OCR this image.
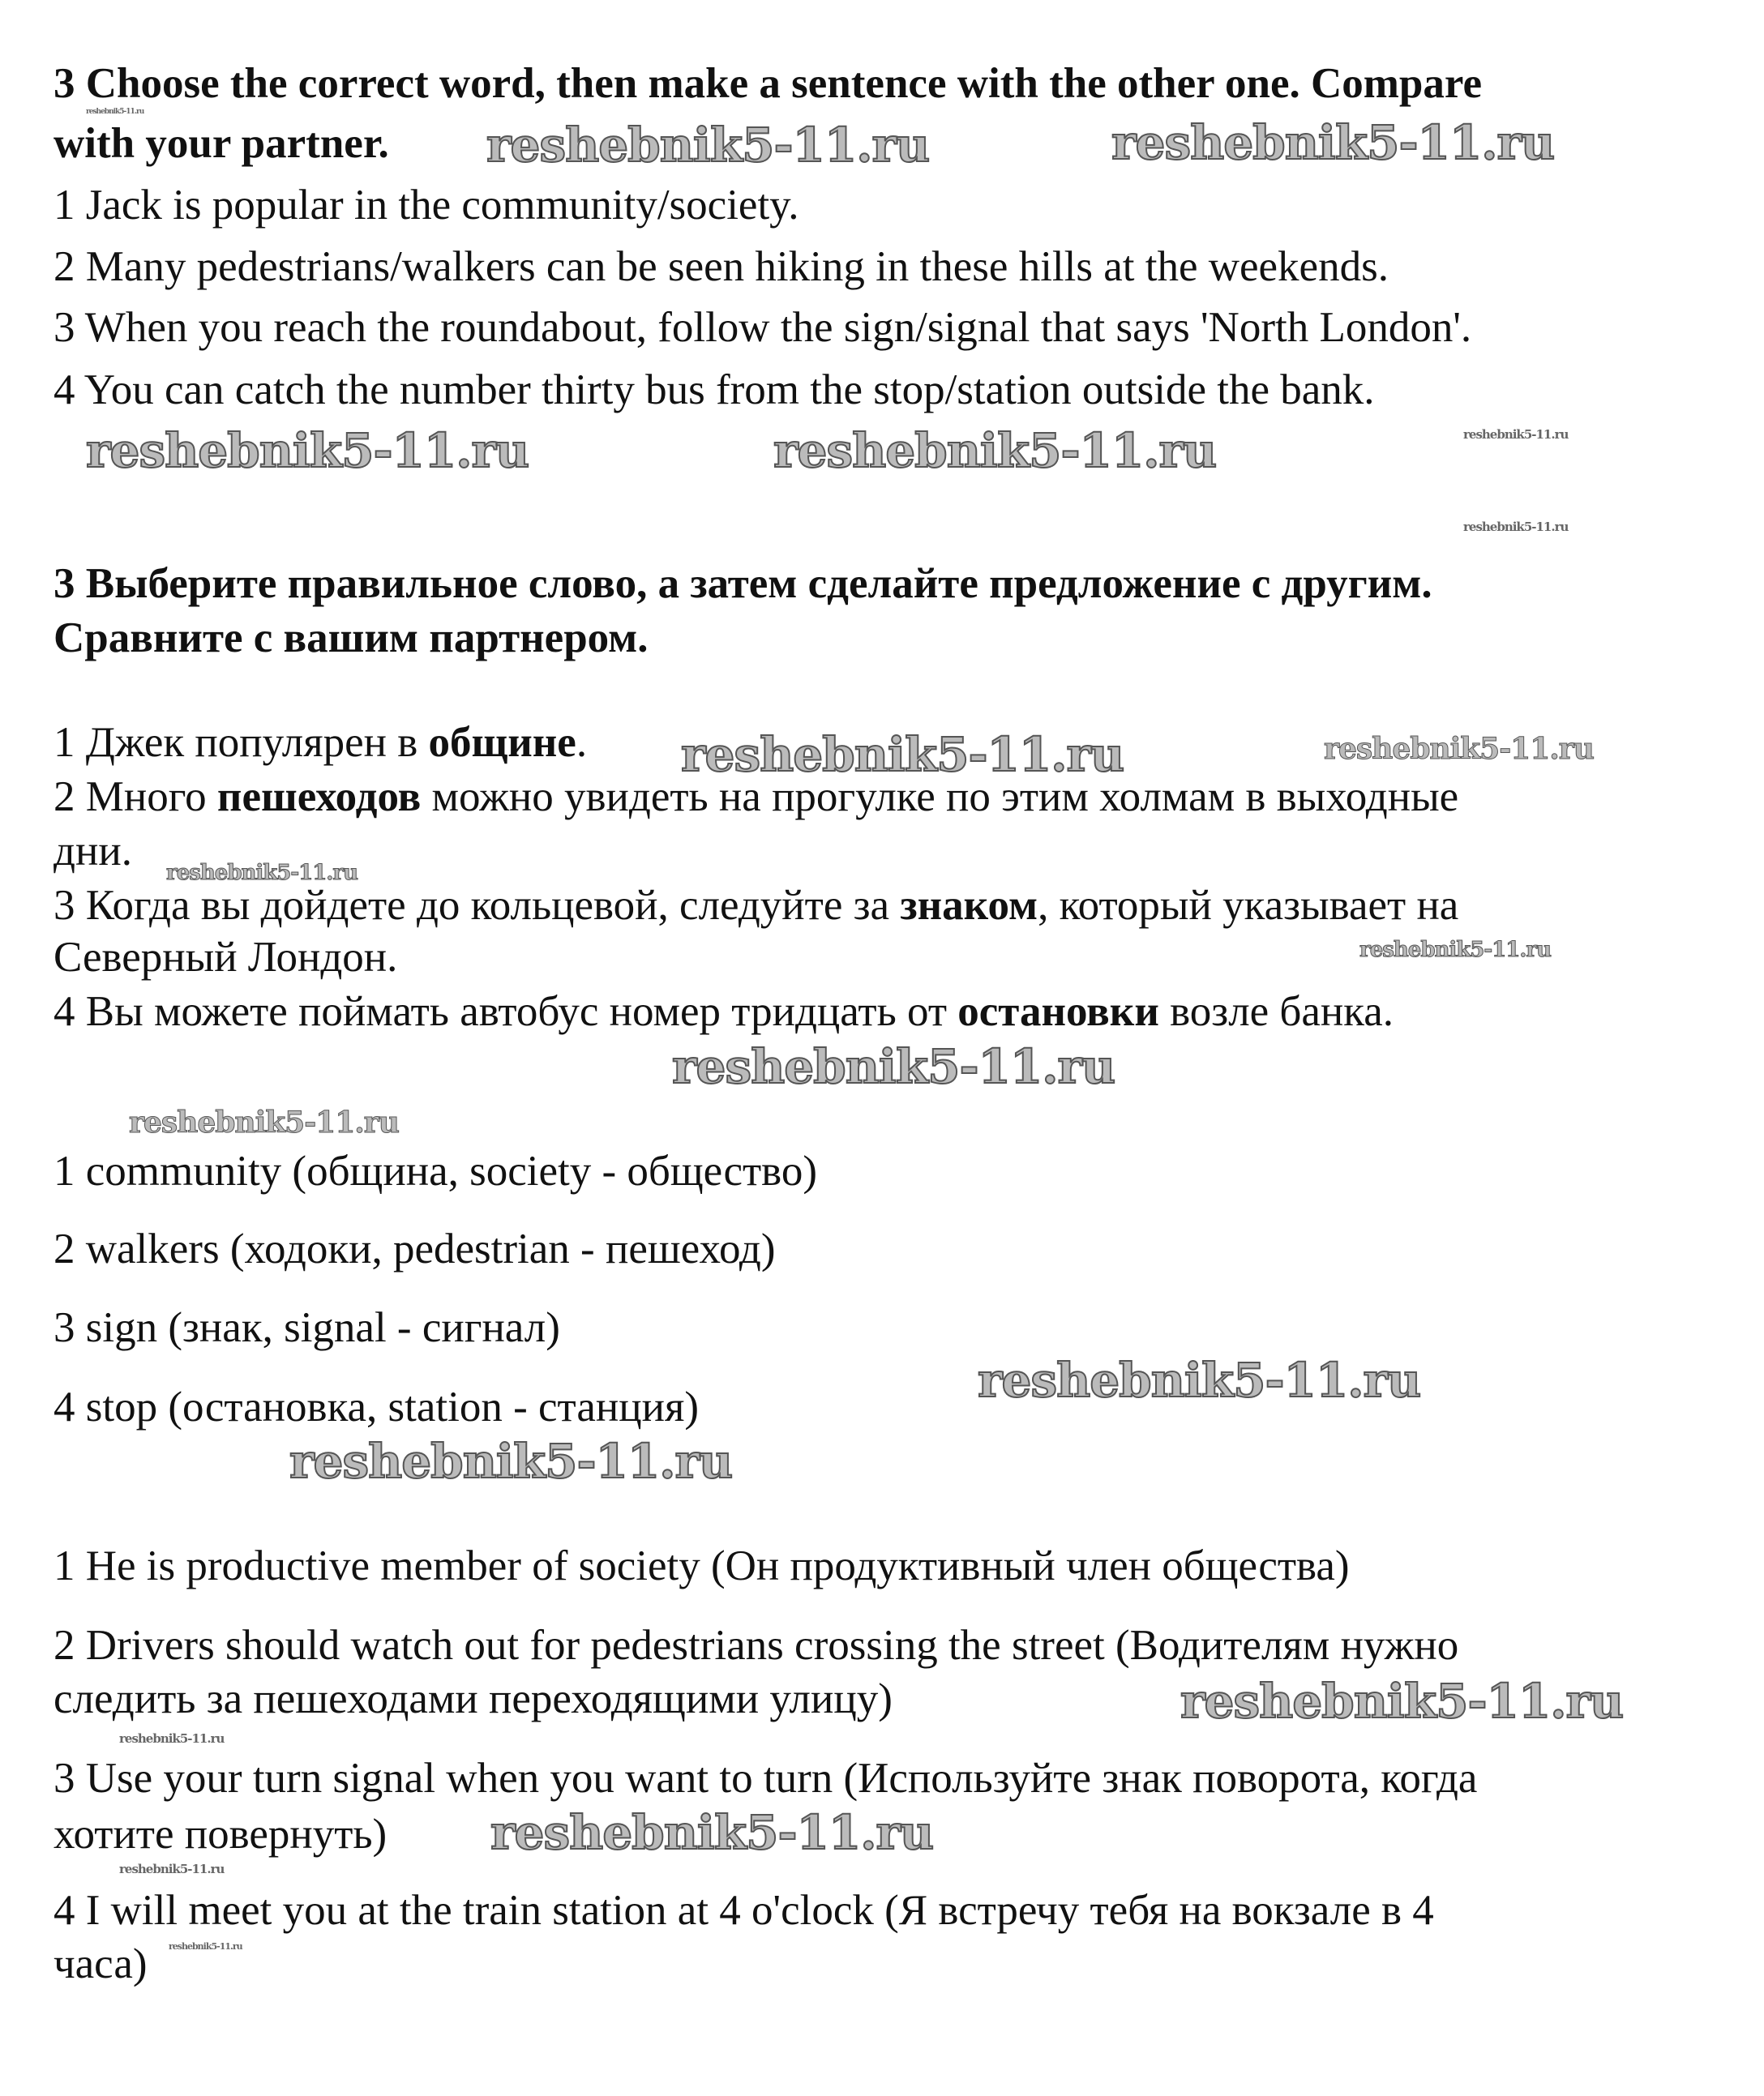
3 Choose the correct word, then make a sentence with the other one. Compare
with your partner.
1 Jack is popular in the community/society.
2 Many pedestrians/walkers can be seen hiking in these hills at the weekends.
3 When you reach the roundabout, follow the sign/signal that says 'North London'.
4 You can catch the number thirty bus from the stop/station outside the bank.
3 Выберите правильное слово, а затем сделайте предложение с другим.
Сравните с вашим партнером.
1 Джек популярен в общине.
2 Много пешеходов можно увидеть на прогулке по этим холмам в выходные
дни.
3 Когда вы дойдете до кольцевой, следуйте за знаком, который указывает на
Северный Лондон.
4 Вы можете поймать автобус номер тридцать от остановки возле банка.
1 community (община, society - общество)
2 walkers (ходоки, pedestrian - пешеход)
3 sign (знак, signal - сигнал)
4 stop (остановка, station - станция)
1 He is productive member of society (Он продуктивный член общества)
2 Drivers should watch out for pedestrians crossing the street (Водителям нужно
следить за пешеходами переходящими улицу)
3 Use your turn signal when you want to turn (Используйте знак поворота, когда
хотите повернуть)
4 I will meet you at the train station at 4 o'clock (Я встречу тебя на вокзале в 4
часа)
reshebnik5-11.ru	reshebnik5-11.ru
reshebnik5-11.ru	reshebnik5-11.ru
reshebnik5-11.ru	reshebnik5-11.ru
reshebnik5-11.ru
reshebnik5-11.ru
reshebnik5-11.ru
reshebnik5-11.ru
reshebnik5-11.ru
reshebnik5-11.ru
reshebnik5-11.ru
reshebnik5-11.ru
reshebnik5-11.ru
reshebnik5-11.ru
reshebnik5-11.ru
reshebnik5-11.ru
reshebnik5-11.ru
reshebnik5-11.ru
